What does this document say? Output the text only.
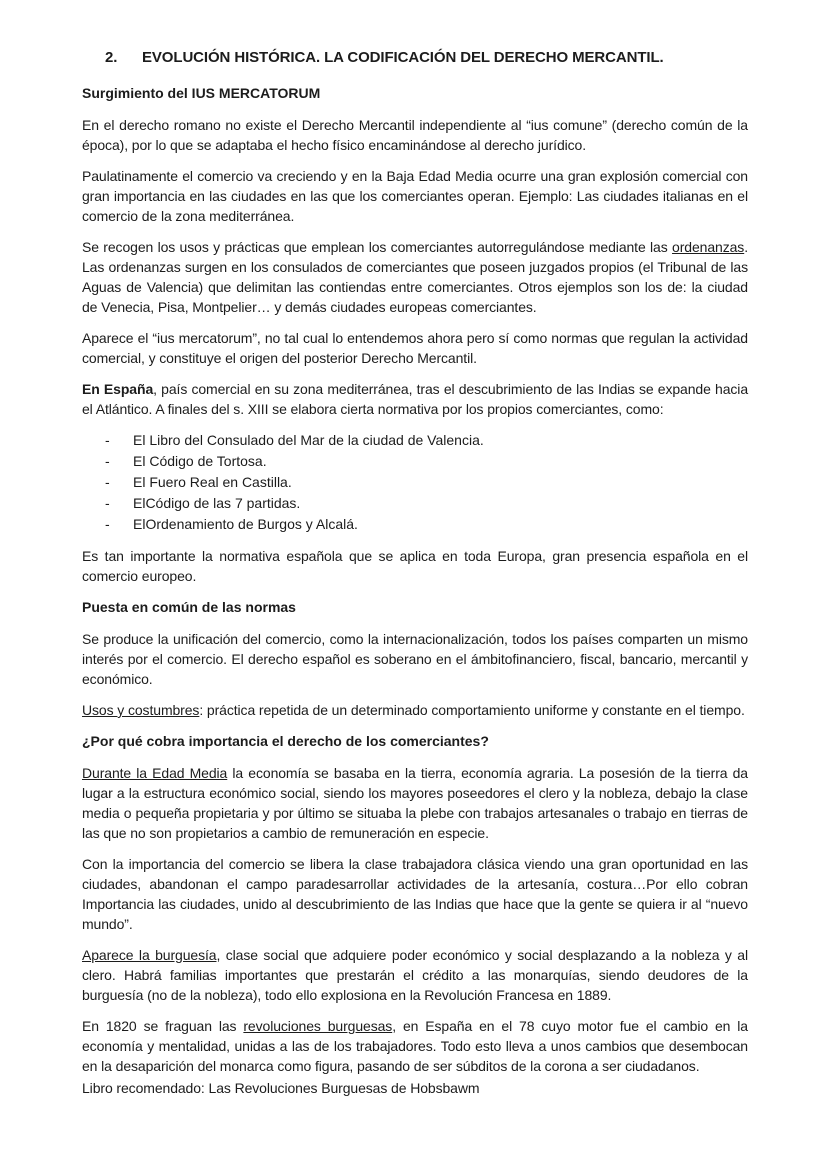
2. EVOLUCIÓN HISTÓRICA. LA CODIFICACIÓN DEL DERECHO MERCANTIL.
Surgimiento del IUS MERCATORUM

En el derecho romano no existe el Derecho Mercantil independiente al “ius comune” (derecho común de la época), por lo que se adaptaba el hecho físico encaminándose al derecho jurídico.

Paulatinamente el comercio va creciendo y en la Baja Edad Media ocurre una gran explosión comercial con gran importancia en las ciudades en las que los comerciantes operan. Ejemplo: Las ciudades italianas en el comercio de la zona mediterránea.

Se recogen los usos y prácticas que emplean los comerciantes autorregulándose mediante las ordenanzas. Las ordenanzas surgen en los consulados de comerciantes que poseen juzgados propios (el Tribunal de las Aguas de Valencia) que delimitan las contiendas entre comerciantes. Otros ejemplos son los de: la ciudad de Venecia, Pisa, Montpelier… y demás ciudades europeas comerciantes.

Aparece el “ius mercatorum”, no tal cual lo entendemos ahora pero sí como normas que regulan la actividad comercial, y constituye el origen del posterior Derecho Mercantil.

En España, país comercial en su zona mediterránea, tras el descubrimiento de las Indias se expande hacia el Atlántico. A finales del s. XIII se elabora cierta normativa por los propios comerciantes, como:

-	El Libro del Consulado del Mar de la ciudad de Valencia.
-	El Código de Tortosa.
-	El Fuero Real en Castilla.
-	ElCódigo de las 7 partidas.
-	ElOrdenamiento de Burgos y Alcalá.

Es tan importante la normativa española que se aplica en toda Europa, gran presencia española en el comercio europeo.

Puesta en común de las normas

Se produce la unificación del comercio, como la internacionalización, todos los países comparten un mismo interés por el comercio. El derecho español es soberano en el ámbitofinanciero, fiscal, bancario, mercantil y económico.

Usos y costumbres: práctica repetida de un determinado comportamiento uniforme y constante en el tiempo.

¿Por qué cobra importancia el derecho de los comerciantes?

Durante la Edad Media la economía se basaba en la tierra, economía agraria. La posesión de la tierra da lugar a la estructura económico social, siendo los mayores poseedores el clero y la nobleza, debajo la clase media o pequeña propietaria y por último se situaba la plebe con trabajos artesanales o trabajo en tierras de las que no son propietarios a cambio de remuneración en especie.

Con la importancia del comercio se libera la clase trabajadora clásica viendo una gran oportunidad en las ciudades, abandonan el campo paradesarrollar actividades de la artesanía, costura…Por ello cobran Importancia las ciudades, unido al descubrimiento de las Indias que hace que la gente se quiera ir al “nuevo mundo”.

Aparece la burguesía, clase social que adquiere poder económico y social desplazando a la nobleza y al clero. Habrá familias importantes que prestarán el crédito a las monarquías, siendo deudores de la burguesía (no de la nobleza), todo ello explosiona en la Revolución Francesa en 1889.

En 1820 se fraguan las revoluciones burguesas, en España en el 78 cuyo motor fue el cambio en la economía y mentalidad, unidas a las de los trabajadores. Todo esto lleva a unos cambios que desembocan en la desaparición del monarca como figura, pasando de ser súbditos de la corona a ser ciudadanos.

Libro recomendado: Las Revoluciones Burguesas de Hobsbawm
